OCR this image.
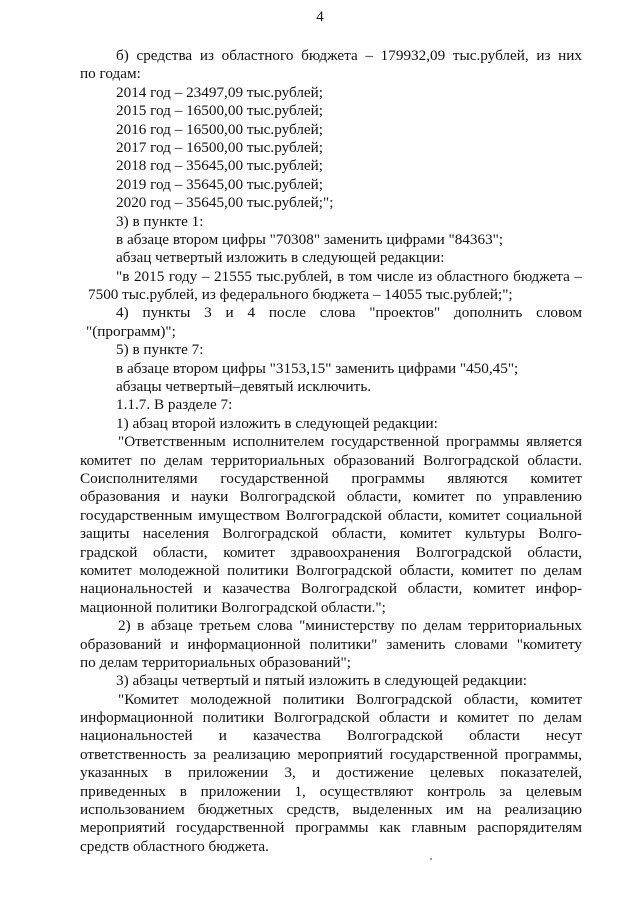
4
б) средства из областного бюджета – 179932,09 тыс.рублей, из них
по годам:
2014 год – 23497,09 тыс.рублей;
2015 год – 16500,00 тыс.рублей;
2016 год – 16500,00 тыс.рублей;
2017 год – 16500,00 тыс.рублей;
2018 год – 35645,00 тыс.рублей;
2019 год – 35645,00 тыс.рублей;
2020 год – 35645,00 тыс.рублей;";
3) в пункте 1:
в абзаце втором цифры "70308" заменить цифрами "84363";
абзац четвертый изложить в следующей редакции:
"в 2015 году – 21555 тыс.рублей, в том числе из областного бюджета –
7500 тыс.рублей, из федерального бюджета – 14055 тыс.рублей;";
4) пункты 3 и 4 после слова "проектов" дополнить словом
"(программ)";
5) в пункте 7:
в абзаце втором цифры "3153,15" заменить цифрами "450,45";
абзацы четвертый–девятый исключить.
1.1.7. В разделе 7:
1) абзац второй изложить в следующей редакции:
"Ответственным исполнителем государственной программы является
комитет по делам территориальных образований Волгоградской области.
Соисполнителями государственной программы являются комитет
образования и науки Волгоградской области, комитет по управлению
государственным имуществом Волгоградской области, комитет социальной
защиты населения Волгоградской области, комитет культуры Волго-
градской области, комитет здравоохранения Волгоградской области,
комитет молодежной политики Волгоградской области, комитет по делам
национальностей и казачества Волгоградской области, комитет инфор-
мационной политики Волгоградской области.";
2) в абзаце третьем слова "министерству по делам территориальных
образований и информационной политики" заменить словами "комитету
по делам территориальных образований";
3) абзацы четвертый и пятый изложить в следующей редакции:
"Комитет молодежной политики Волгоградской области, комитет
информационной политики Волгоградской области и комитет по делам
национальностей и казачества Волгоградской области несут
ответственность за реализацию мероприятий государственной программы,
указанных в приложении 3, и достижение целевых показателей,
приведенных в приложении 1, осуществляют контроль за целевым
использованием бюджетных средств, выделенных им на реализацию
мероприятий государственной программы как главным распорядителям
средств областного бюджета.
